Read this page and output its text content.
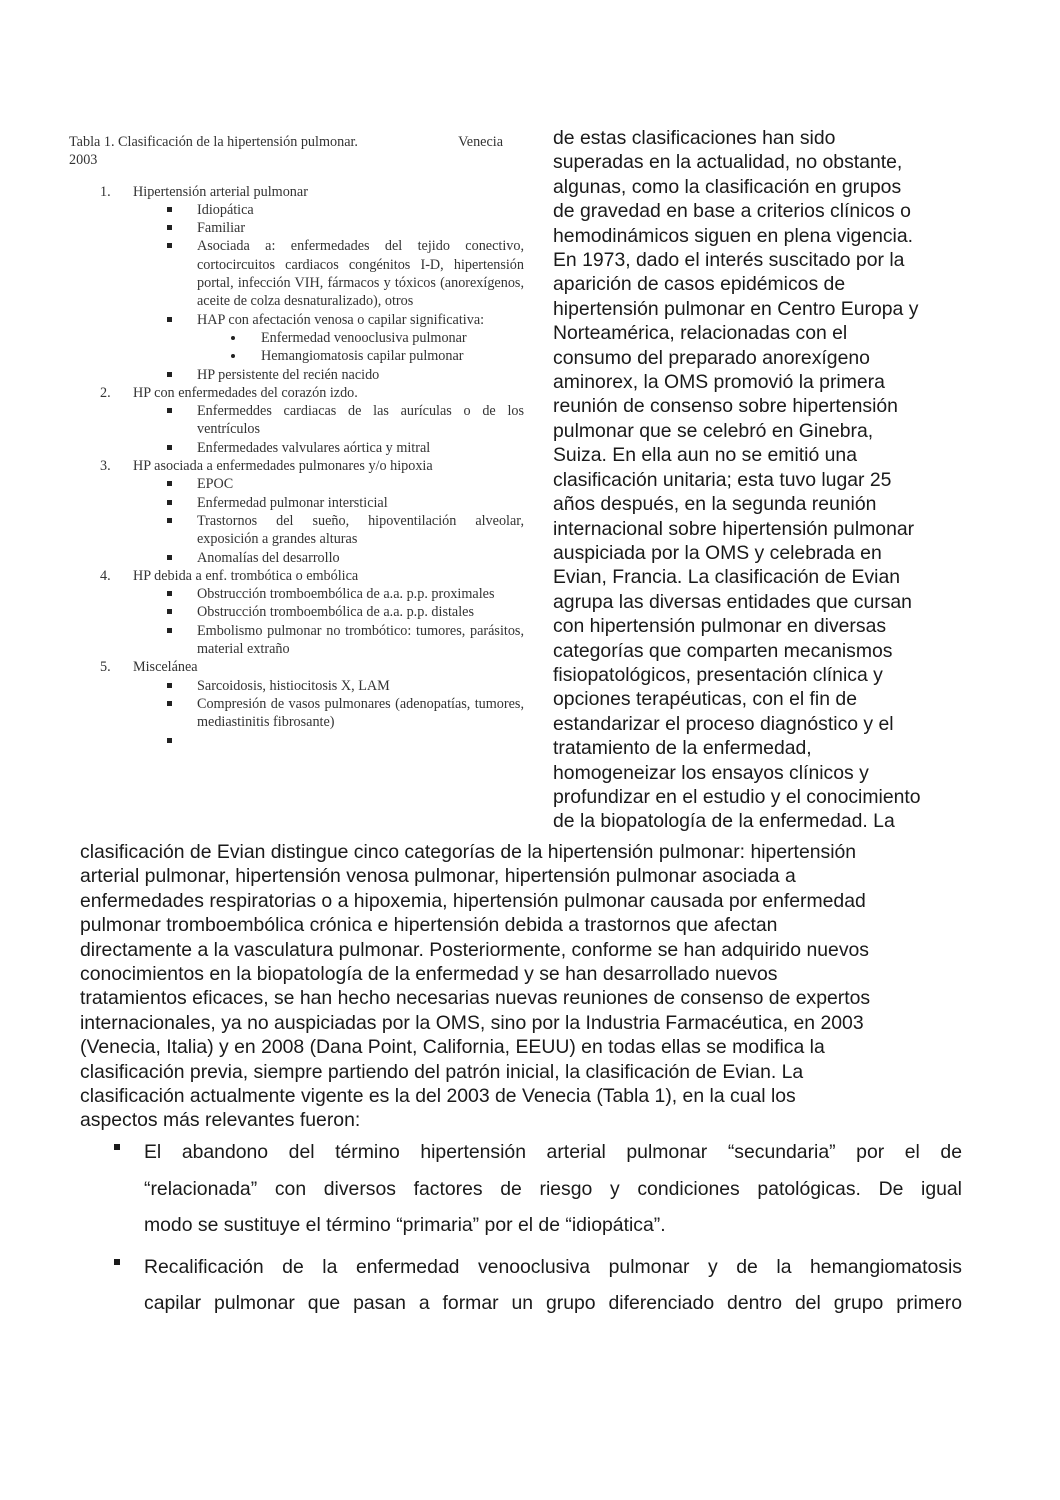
Tabla 1. Clasificación de la hipertensión pulmonar.	Venecia
2003
1. Hipertensión arterial pulmonar
Idiopática
Familiar
Asociada a: enfermedades del tejido conectivo, cortocircuitos cardiacos congénitos I-D, hipertensión portal, infección VIH, fármacos y tóxicos (anorexígenos, aceite de colza desnaturalizado), otros
HAP con afectación venosa o capilar significativa:
Enfermedad venooclusiva pulmonar
Hemangiomatosis capilar pulmonar
HP persistente del recién nacido
2. HP con enfermedades del corazón izdo.
Enfermeddes cardiacas de las aurículas o de los ventrículos
Enfermedades valvulares aórtica y mitral
3. HP asociada a enfermedades pulmonares y/o hipoxia
EPOC
Enfermedad pulmonar intersticial
Trastornos del sueño, hipoventilación alveolar, exposición a grandes alturas
Anomalías del desarrollo
4. HP debida a enf. trombótica o embólica
Obstrucción tromboembólica de a.a. p.p. proximales
Obstrucción tromboembólica de a.a. p.p. distales
Embolismo pulmonar no trombótico: tumores, parásitos, material extraño
5. Miscelánea
Sarcoidosis, histiocitosis X, LAM
Compresión de vasos pulmonares (adenopatías, tumores, mediastinitis fibrosante)
de estas clasificaciones han sido
superadas en la actualidad, no obstante,
algunas, como la clasificación en grupos
de gravedad en base a criterios clínicos o
hemodinámicos siguen en plena vigencia.
En 1973, dado el interés suscitado por la
aparición de casos epidémicos de
hipertensión pulmonar en Centro Europa y
Norteamérica, relacionadas con el
consumo del preparado anorexígeno
aminorex, la OMS promovió la primera
reunión de consenso sobre hipertensión
pulmonar que se celebró en Ginebra,
Suiza. En ella aun no se emitió una
clasificación unitaria; esta tuvo lugar 25
años después, en la segunda reunión
internacional sobre hipertensión pulmonar
auspiciada por la OMS y celebrada en
Evian, Francia. La clasificación de Evian
agrupa las diversas entidades que cursan
con hipertensión pulmonar en diversas
categorías que comparten mecanismos
fisiopatológicos, presentación clínica y
opciones terapéuticas, con el fin de
estandarizar el proceso diagnóstico y el
tratamiento de la enfermedad,
homogeneizar los ensayos clínicos y
profundizar en el estudio y el conocimiento
de la biopatología de la enfermedad. La
clasificación de Evian distingue cinco categorías de la hipertensión pulmonar: hipertensión
arterial pulmonar, hipertensión venosa pulmonar, hipertensión pulmonar asociada a
enfermedades respiratorias o a hipoxemia, hipertensión pulmonar causada por enfermedad
pulmonar tromboembólica crónica e hipertensión debida a trastornos que afectan
directamente a la vasculatura pulmonar. Posteriormente, conforme se han adquirido nuevos
conocimientos en la biopatología de la enfermedad y se han desarrollado nuevos
tratamientos eficaces, se han hecho necesarias nuevas reuniones de consenso de expertos
internacionales, ya no auspiciadas por la OMS, sino por la Industria Farmacéutica, en 2003
(Venecia, Italia) y en 2008 (Dana Point, California, EEUU) en todas ellas se modifica la
clasificación previa, siempre partiendo del patrón inicial, la clasificación de Evian. La
clasificación actualmente vigente es la del 2003 de Venecia (Tabla 1), en la cual los
aspectos más relevantes fueron:
El abandono del término hipertensión arterial pulmonar “secundaria” por el de
“relacionada” con diversos factores de riesgo y condiciones patológicas. De igual
modo se sustituye el término “primaria” por el de “idiopática”.
Recalificación de la enfermedad venooclusiva pulmonar y de la hemangiomatosis
capilar pulmonar que pasan a formar un grupo diferenciado dentro del grupo primero
